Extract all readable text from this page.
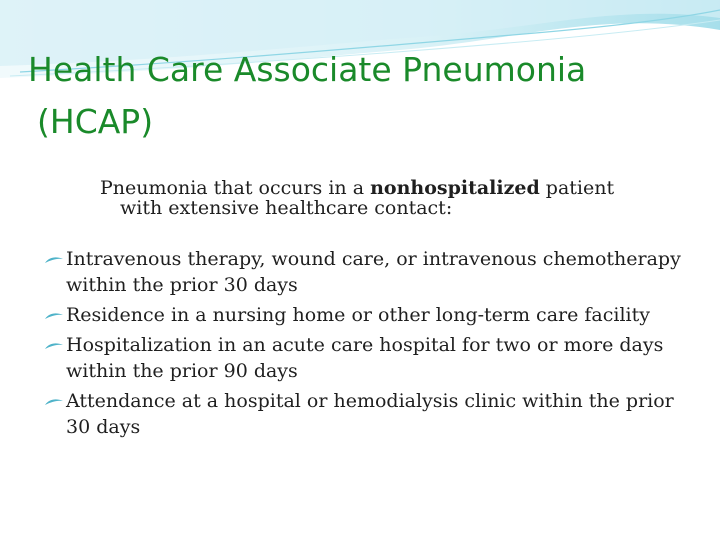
Health Care Associate Pneumonia
(HCAP)
Pneumonia that occurs in a nonhospitalized patient
with extensive healthcare contact:
Intravenous therapy, wound care, or intravenous chemotherapy within the prior 30 days
Residence in a nursing home or other long-term care facility
Hospitalization in an acute care hospital for two or more days within the prior 90 days
Attendance at a hospital or hemodialysis clinic within the prior 30 days
